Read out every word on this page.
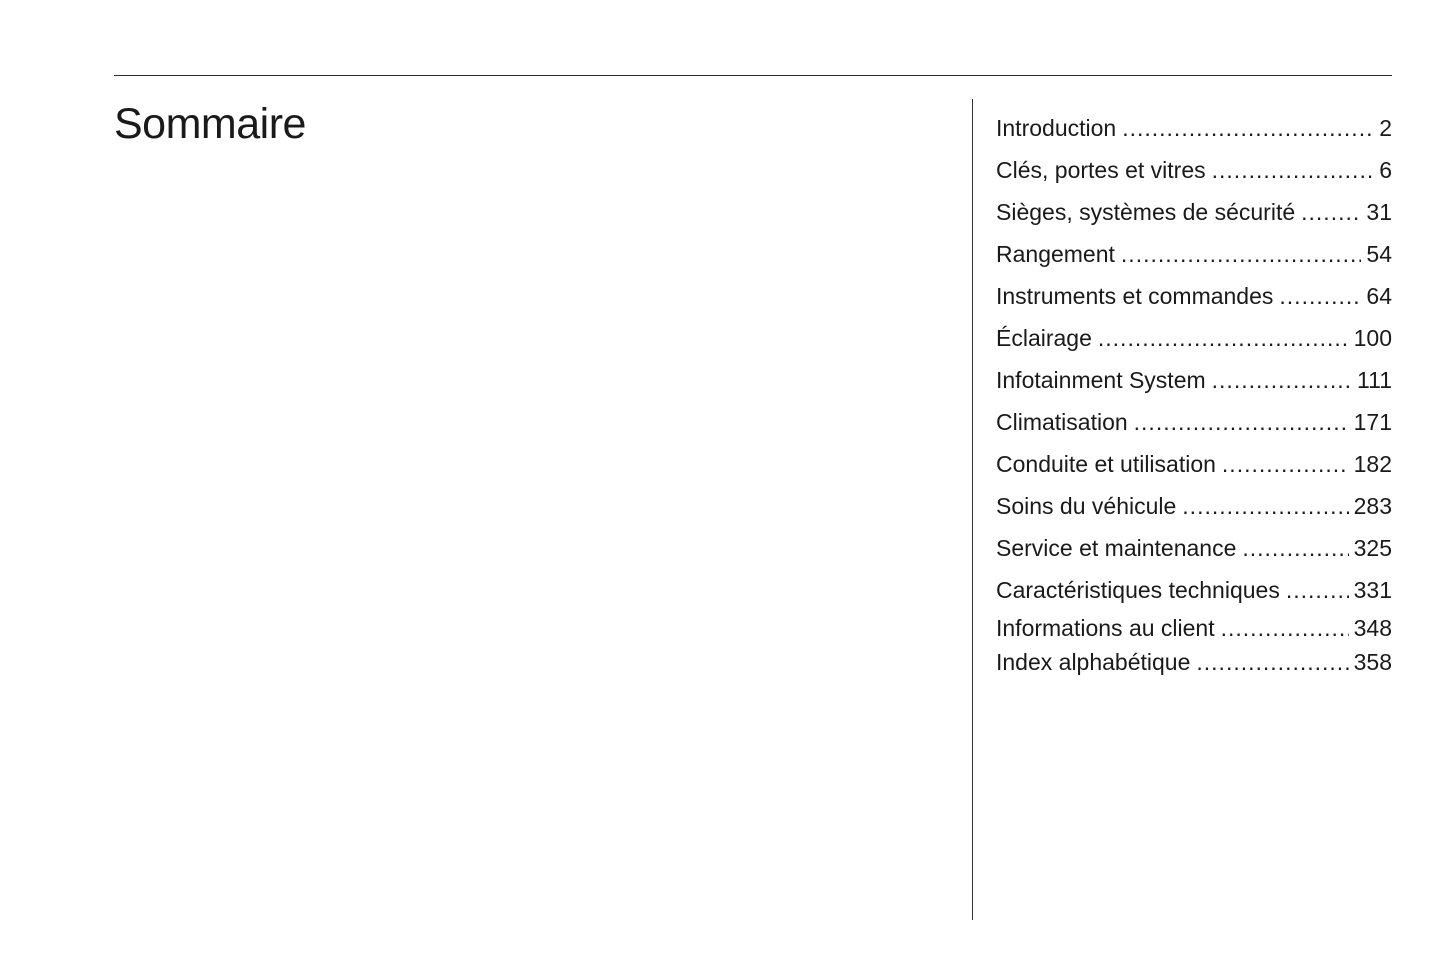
Sommaire	Introduction .....	2
Clés, portes et vitres .....	6
Sièges, systèmes de sécurité .....	31
Rangement .....	54
Instruments et commandes .....	64
Éclairage .....	100
Infotainment System .....	111
Climatisation .....	171
Conduite et utilisation .....	182
Soins du véhicule .....	283
Service et maintenance .....	325
Caractéristiques techniques .....	331
Informations au client .....	348
Index alphabétique .....	358
